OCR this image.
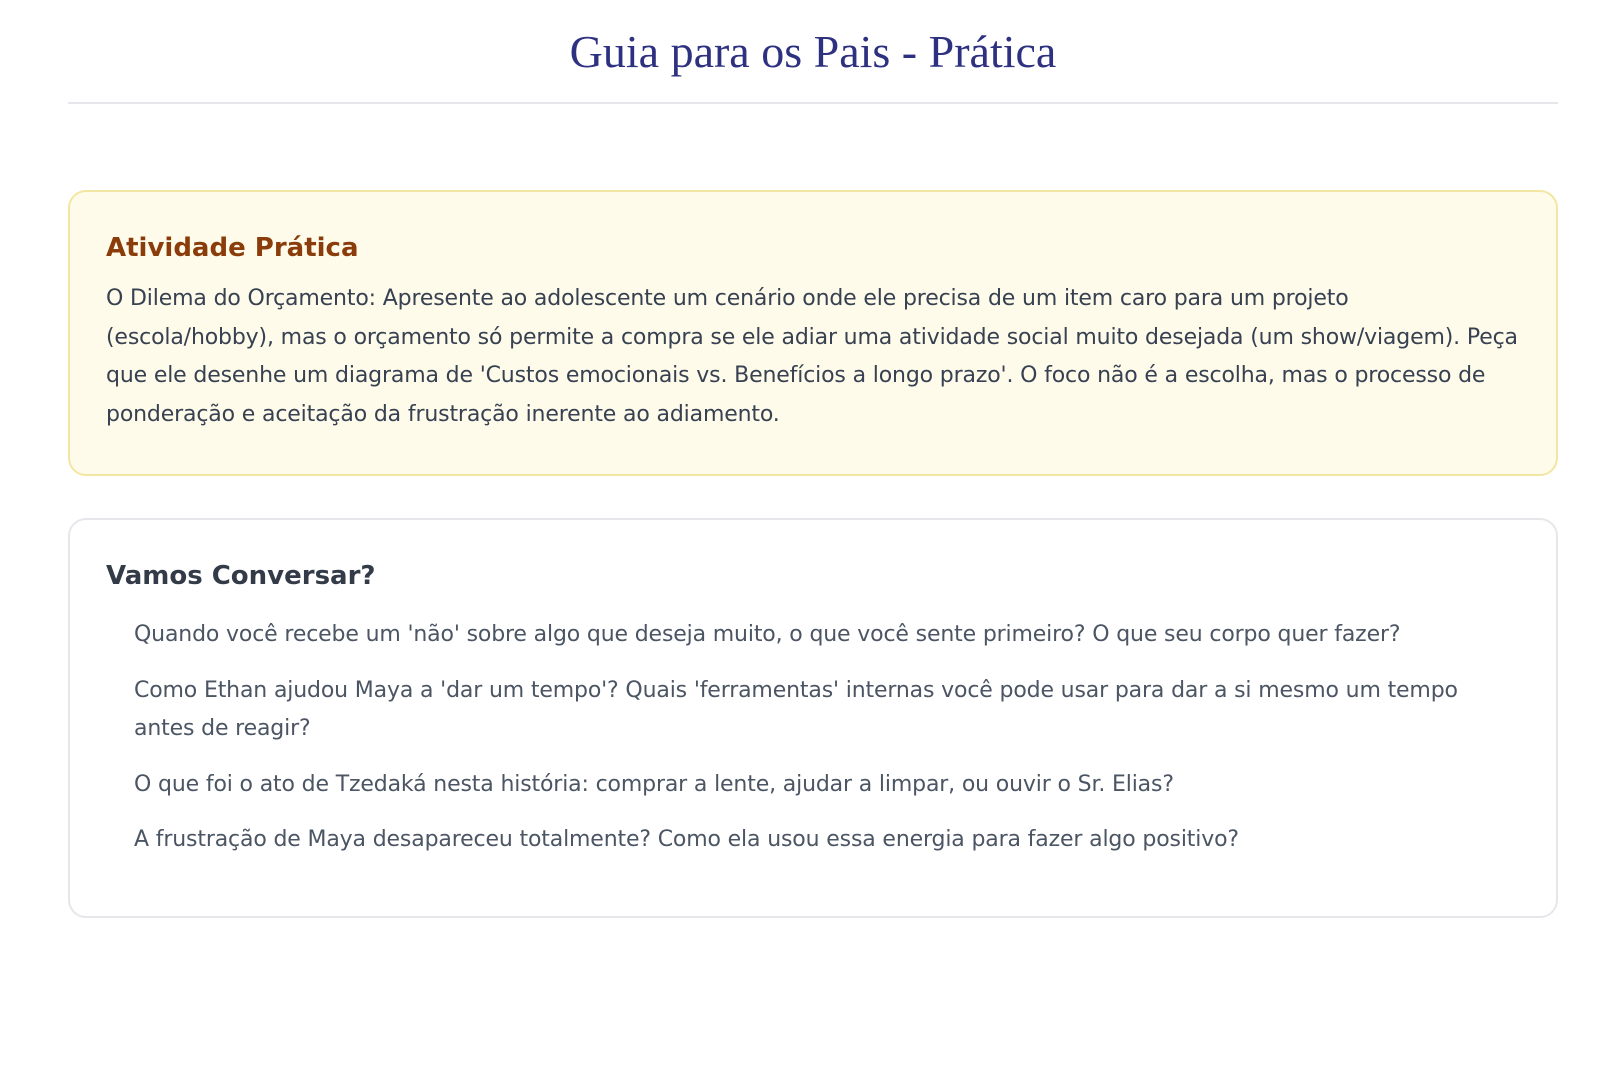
Guia para os Pais - Prática
Atividade Prática

O Dilema do Orçamento: Apresente ao adolescente um cenário onde ele precisa de um item caro para um projeto (escola/hobby), mas o orçamento só permite a compra se ele adiar uma atividade social muito desejada (um show/viagem). Peça que ele desenhe um diagrama de 'Custos emocionais vs. Benefícios a longo prazo'. O foco não é a escolha, mas o processo de ponderação e aceitação da frustração inerente ao adiamento.

Vamos Conversar?
Quando você recebe um 'não' sobre algo que deseja muito, o que você sente primeiro? O que seu corpo quer fazer?
Como Ethan ajudou Maya a 'dar um tempo'? Quais 'ferramentas' internas você pode usar para dar a si mesmo um tempo antes de reagir?
O que foi o ato de Tzedaká nesta história: comprar a lente, ajudar a limpar, ou ouvir o Sr. Elias?
A frustração de Maya desapareceu totalmente? Como ela usou essa energia para fazer algo positivo?
